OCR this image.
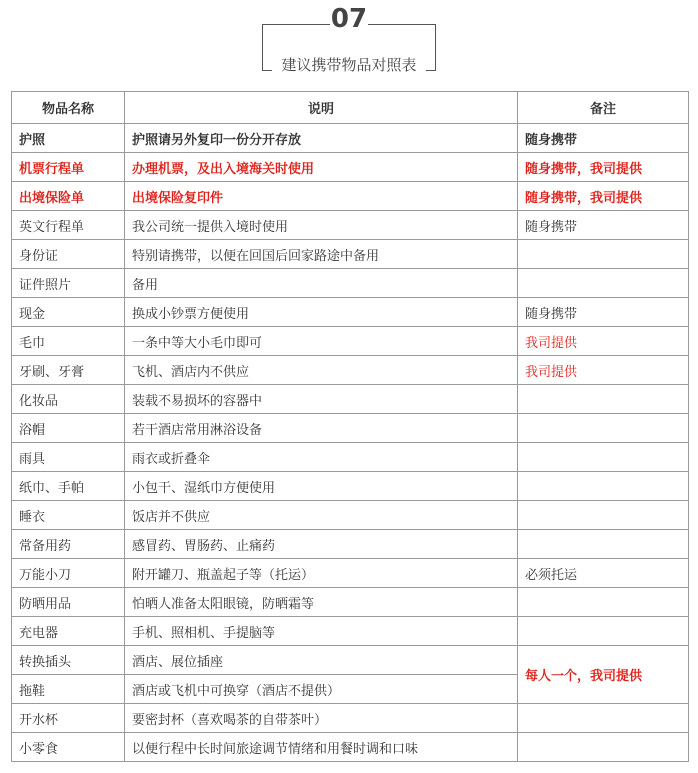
07
建议携带物品对照表
物品名称	说明	备注
护照	护照请另外复印一份分开存放	随身携带
机票行程单	办理机票，及出入境海关时使用	随身携带，我司提供
出境保险单	出境保险复印件	随身携带，我司提供
英文行程单	我公司统一提供入境时使用	随身携带
身份证	特别请携带，以便在回国后回家路途中备用	
证件照片	备用	
现金	换成小钞票方便使用	随身携带
毛巾	一条中等大小毛巾即可	我司提供
牙刷、牙膏	飞机、酒店内不供应	我司提供
化妆品	装载不易损坏的容器中	
浴帽	若干酒店常用淋浴设备	
雨具	雨衣或折叠伞	
纸巾、手帕	小包干、湿纸巾方便使用	
睡衣	饭店并不供应	
常备用药	感冒药、胃肠药、止痛药	
万能小刀	附开罐刀、瓶盖起子等（托运）	必须托运
防晒用品	怕晒人准备太阳眼镜，防晒霜等	
充电器	手机、照相机、手提脑等	
转换插头	酒店、展位插座	每人一个，我司提供
拖鞋	酒店或飞机中可换穿（酒店不提供）	
开水杯	要密封杯（喜欢喝茶的自带茶叶）	
小零食	以便行程中长时间旅途调节情绪和用餐时调和口味	
